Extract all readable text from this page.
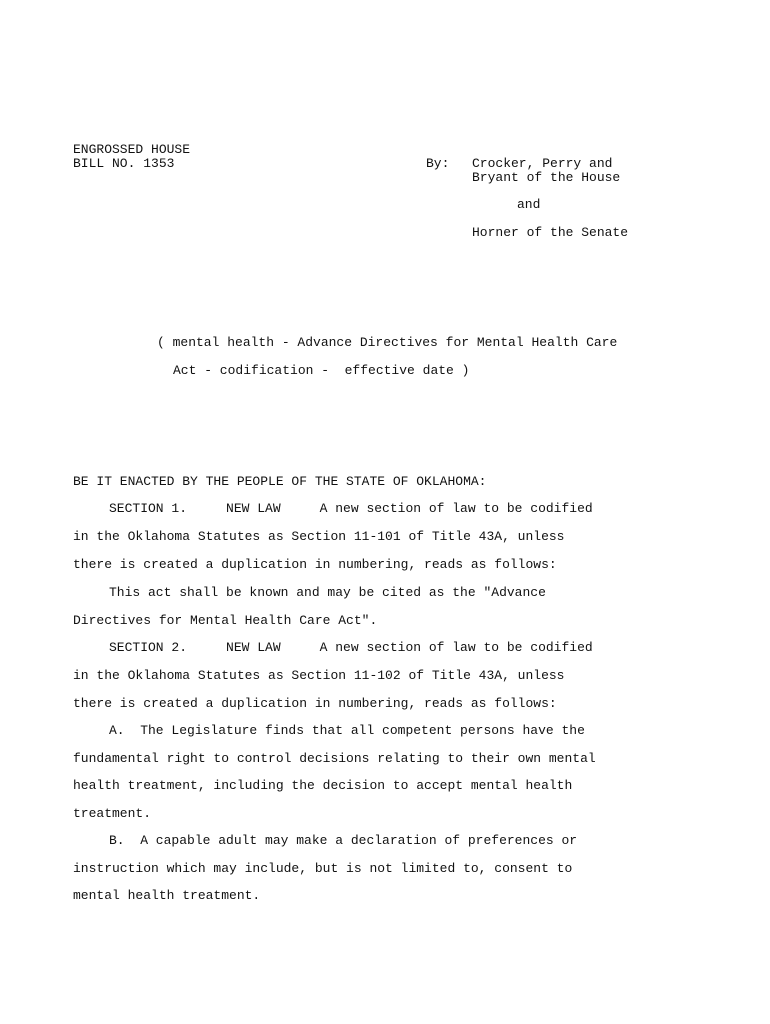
ENGROSSED HOUSE
BILL NO. 1353	By: Crocker, Perry and
Bryant of the House
and
Horner of the Senate
( mental health - Advance Directives for Mental Health Care
Act - codification -  effective date )
BE IT ENACTED BY THE PEOPLE OF THE STATE OF OKLAHOMA:
SECTION 1.     NEW LAW     A new section of law to be codified
in the Oklahoma Statutes as Section 11-101 of Title 43A, unless
there is created a duplication in numbering, reads as follows:
This act shall be known and may be cited as the "Advance
Directives for Mental Health Care Act".
SECTION 2.     NEW LAW     A new section of law to be codified
in the Oklahoma Statutes as Section 11-102 of Title 43A, unless
there is created a duplication in numbering, reads as follows:
A.  The Legislature finds that all competent persons have the
fundamental right to control decisions relating to their own mental
health treatment, including the decision to accept mental health
treatment.
B.  A capable adult may make a declaration of preferences or
instruction which may include, but is not limited to, consent to
mental health treatment.
